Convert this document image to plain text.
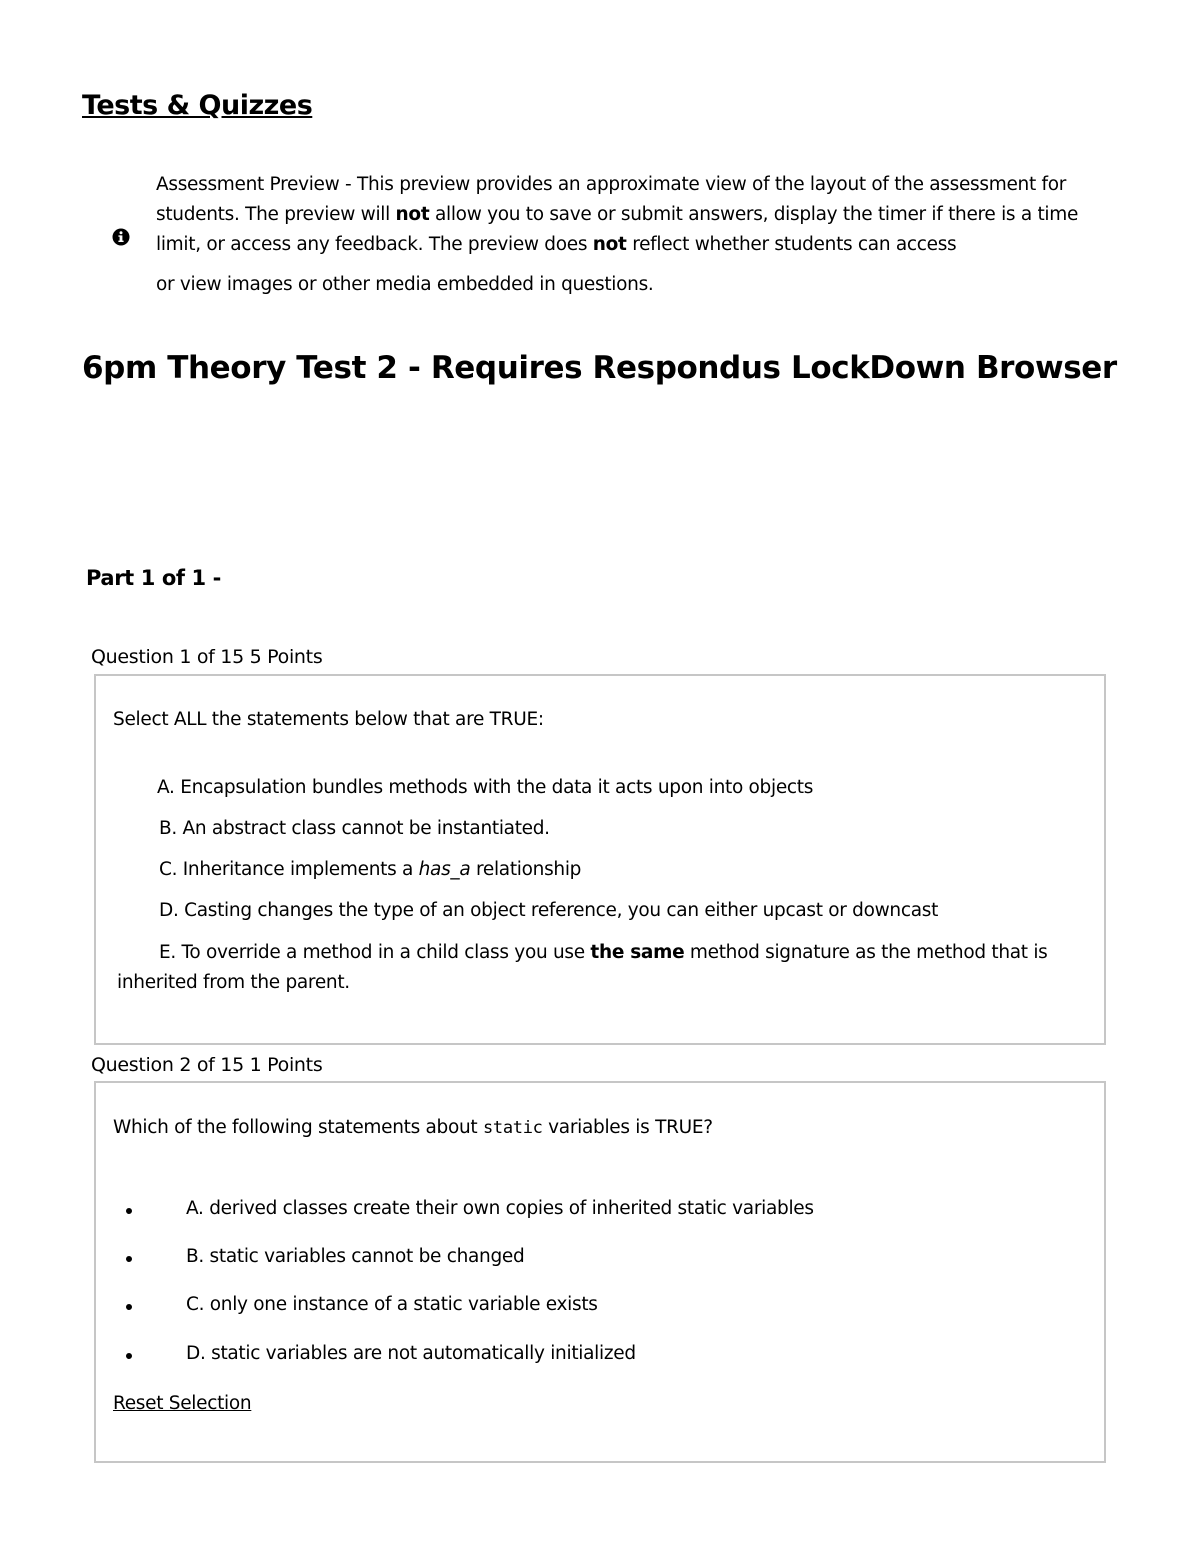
Tests & Quizzes
Assessment Preview - This preview provides an approximate view of the layout of the assessment for students. The preview will not allow you to save or submit answers, display the timer if there is a time limit, or access any feedback. The preview does not reflect whether students can access
or view images or other media embedded in questions.
6pm Theory Test 2 - Requires Respondus LockDown Browser
Part 1 of 1 -
Question 1 of 15 5 Points
Select ALL the statements below that are TRUE:
A. Encapsulation bundles methods with the data it acts upon into objects
B. An abstract class cannot be instantiated.
C. Inheritance implements a has_a relationship
D. Casting changes the type of an object reference, you can either upcast or downcast
E. To override a method in a child class you use the same method signature as the method that is inherited from the parent.
Question 2 of 15 1 Points
Which of the following statements about static variables is TRUE?
A. derived classes create their own copies of inherited static variables
B. static variables cannot be changed
C. only one instance of a static variable exists
D. static variables are not automatically initialized
Reset Selection
